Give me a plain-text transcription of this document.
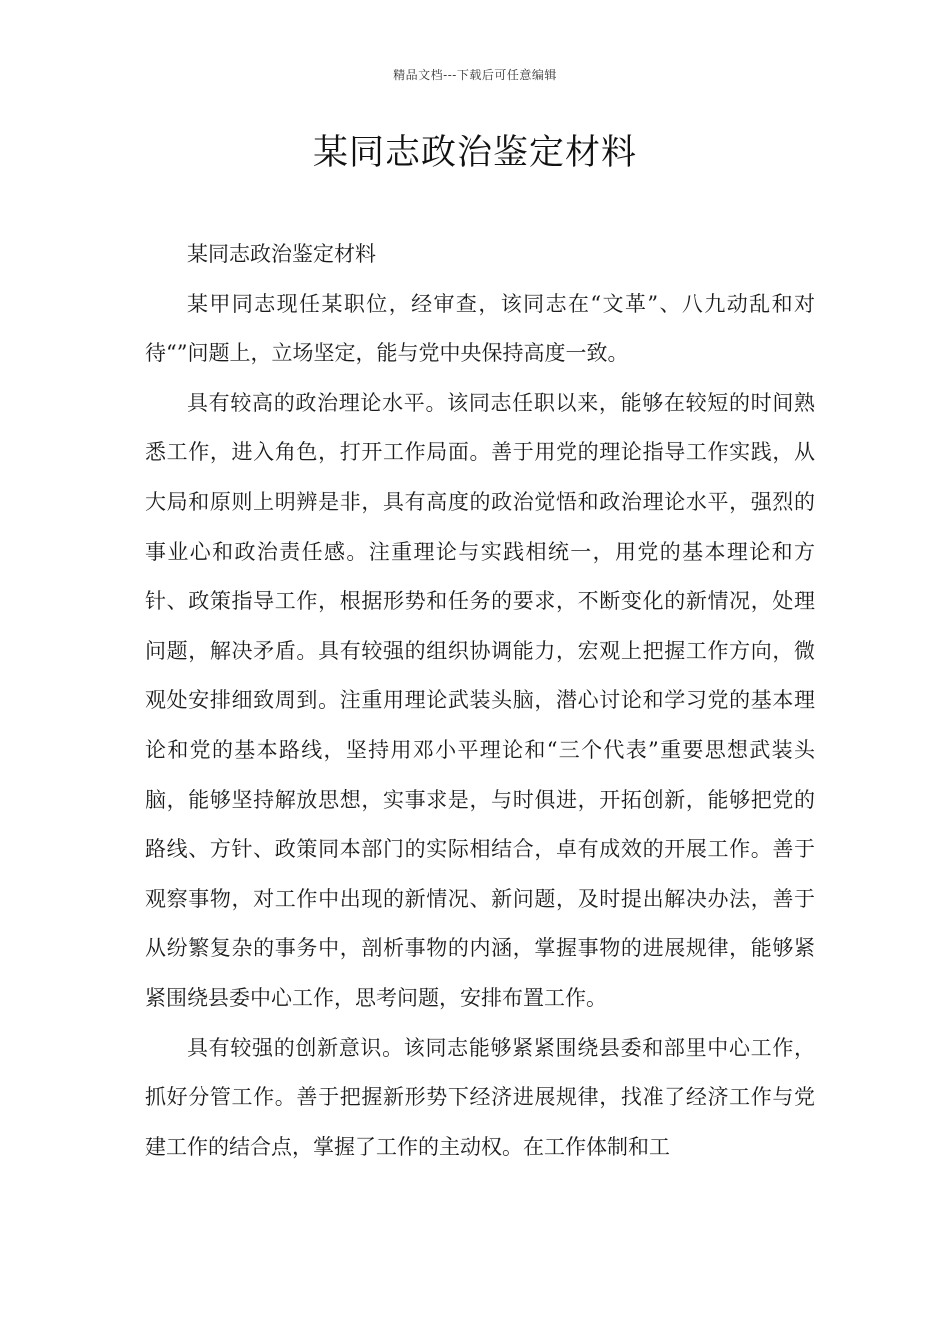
精品文档---下载后可任意编辑
某同志政治鉴定材料

某同志政治鉴定材料

某甲同志现任某职位，经审查，该同志在“文革”、八九动乱和对待“”问题上，立场坚定，能与党中央保持高度一致。

具有较高的政治理论水平。该同志任职以来，能够在较短的时间熟悉工作，进入角色，打开工作局面。善于用党的理论指导工作实践，从大局和原则上明辨是非，具有高度的政治觉悟和政治理论水平，强烈的事业心和政治责任感。注重理论与实践相统一，用党的基本理论和方针、政策指导工作，根据形势和任务的要求，不断变化的新情况，处理问题，解决矛盾。具有较强的组织协调能力，宏观上把握工作方向，微观处安排细致周到。注重用理论武装头脑，潜心讨论和学习党的基本理论和党的基本路线，坚持用邓小平理论和“三个代表”重要思想武装头脑，能够坚持解放思想，实事求是，与时俱进，开拓创新，能够把党的路线、方针、政策同本部门的实际相结合，卓有成效的开展工作。善于观察事物，对工作中出现的新情况、新问题，及时提出解决办法，善于从纷繁复杂的事务中，剖析事物的内涵，掌握事物的进展规律，能够紧紧围绕县委中心工作，思考问题，安排布置工作。

具有较强的创新意识。该同志能够紧紧围绕县委和部里中心工作，抓好分管工作。善于把握新形势下经济进展规律，找准了经济工作与党建工作的结合点，掌握了工作的主动权。在工作体制和工
